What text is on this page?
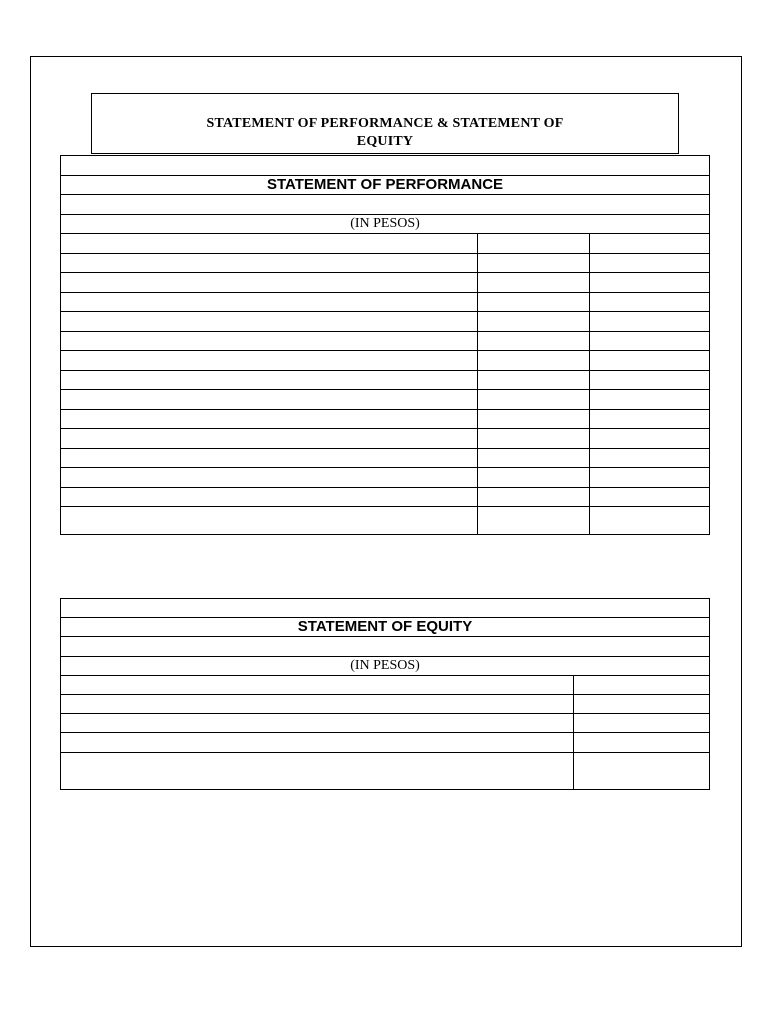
STATEMENT OF PERFORMANCE & STATEMENT OF EQUITY

STATEMENT OF PERFORMANCE		

(IN PESOS)		

STATEMENT OF EQUITY	

(IN PESOS)	
